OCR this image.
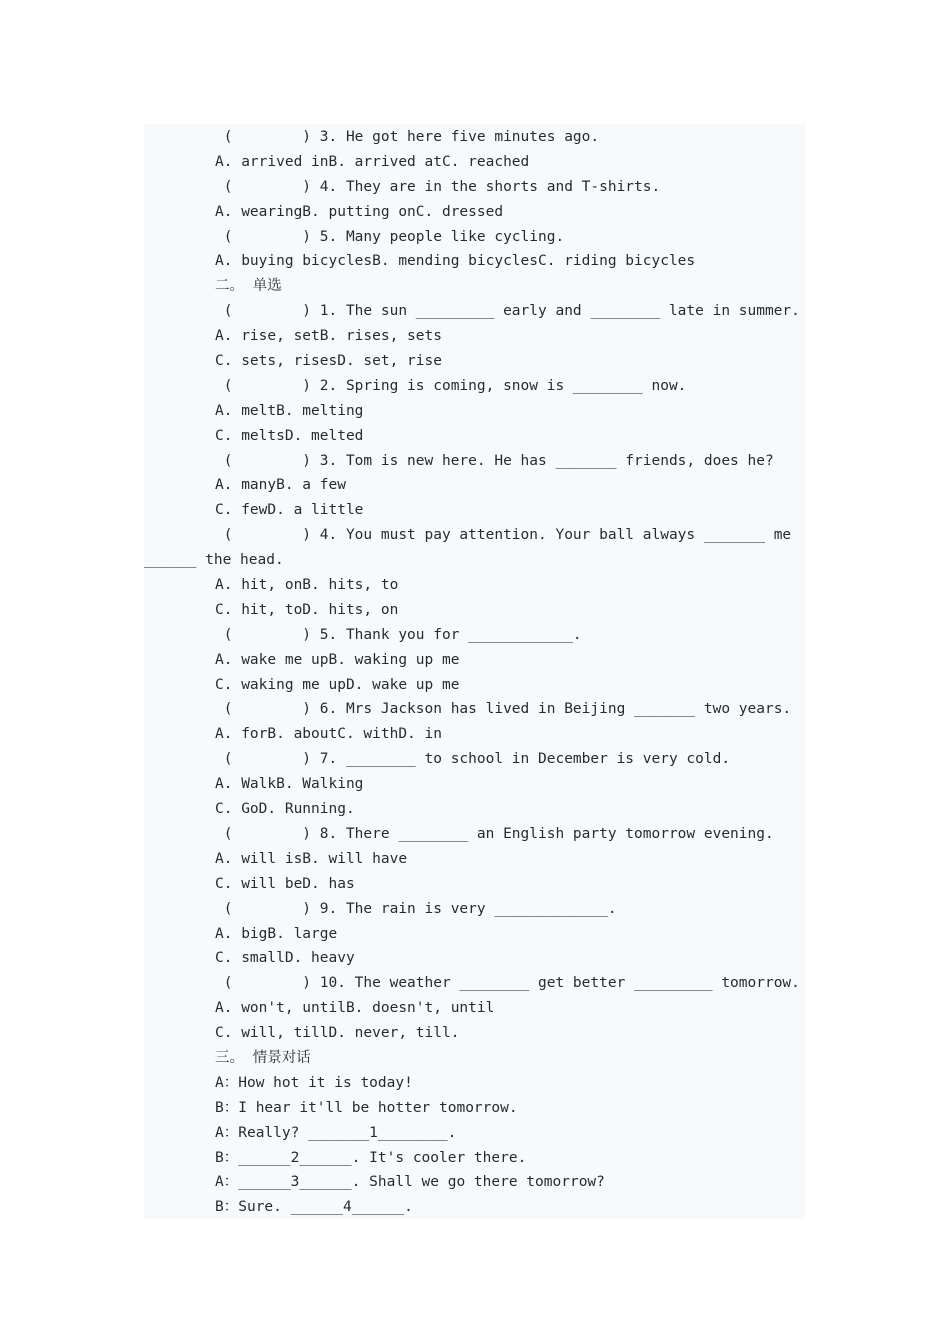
(        ) 3. He got here five minutes ago.
A. arrived inB. arrived atC. reached
(        ) 4. They are in the shorts and T-shirts.
A. wearingB. putting onC. dressed
(        ) 5. Many people like cycling.
A. buying bicyclesB. mending bicyclesC. riding bicycles
二。 单选
(        ) 1. The sun _________ early and ________ late in summer.
A. rise, setB. rises, sets
C. sets, risesD. set, rise
(        ) 2. Spring is coming, snow is ________ now.
A. meltB. melting
C. meltsD. melted
(        ) 3. Tom is new here. He has _______ friends, does he?
A. manyB. a few
C. fewD. a little
(        ) 4. You must pay attention. Your ball always _______ me
______ the head.
A. hit, onB. hits, to
C. hit, toD. hits, on
(        ) 5. Thank you for ____________.
A. wake me upB. waking up me
C. waking me upD. wake up me
(        ) 6. Mrs Jackson has lived in Beijing _______ two years.
A. forB. aboutC. withD. in
(        ) 7. ________ to school in December is very cold.
A. WalkB. Walking
C. GoD. Running.
(        ) 8. There ________ an English party tomorrow evening.
A. will isB. will have
C. will beD. has
(        ) 9. The rain is very _____________.
A. bigB. large
C. smallD. heavy
(        ) 10. The weather ________ get better _________ tomorrow.
A. won't, untilB. doesn't, until
C. will, tillD. never, till.
三。 情景对话
A：How hot it is today!
B：I hear it'll be hotter tomorrow.
A：Really? _______1________.
B：______2______. It's cooler there.
A：______3______. Shall we go there tomorrow?
B：Sure. ______4______.
